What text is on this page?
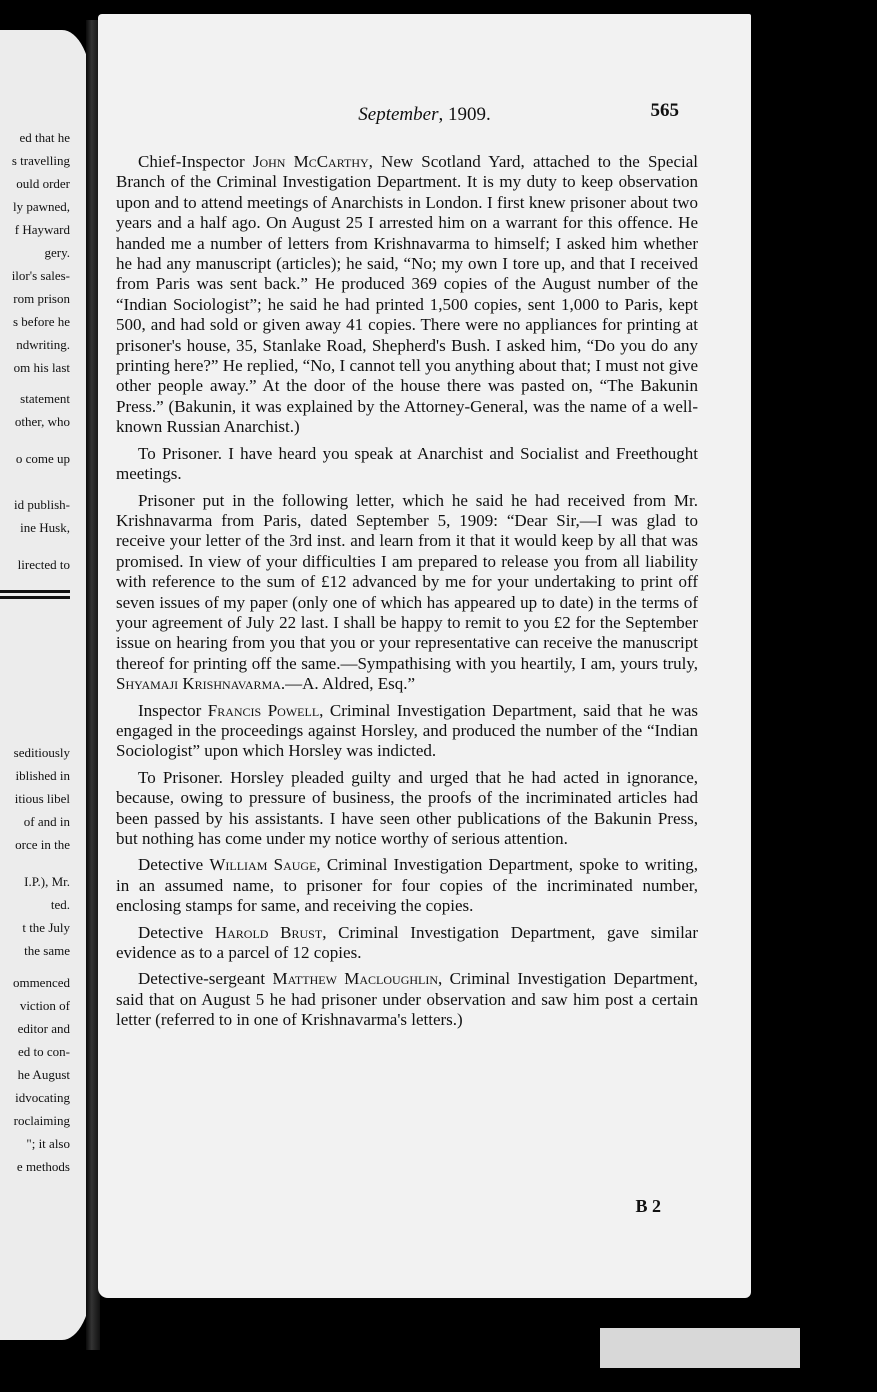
ed that he
s travelling
ould order
ly pawned,
f Hayward
gery.
ilor's sales-
rom prison
s before he
ndwriting.
om his last
statement
other, who
o come up
id publish-
ine Husk,
lirected to
seditiously
iblished in
itious libel
of and in
orce in the
I.P.), Mr.
ted.
t the July
the same
ommenced
viction of
editor and
ed to con-
he August
idvocating
roclaiming
"; it also
e methods
September, 1909.	565

Chief-Inspector John McCarthy, New Scotland Yard, attached to the Special Branch of the Criminal Investigation Department. It is my duty to keep observation upon and to attend meetings of Anarchists in London. I first knew prisoner about two years and a half ago. On August 25 I arrested him on a warrant for this offence. He handed me a number of letters from Krishnavarma to himself; I asked him whether he had any manuscript (articles); he said, “No; my own I tore up, and that I received from Paris was sent back.” He produced 369 copies of the August number of the “Indian Sociologist”; he said he had printed 1,500 copies, sent 1,000 to Paris, kept 500, and had sold or given away 41 copies. There were no appliances for printing at prisoner's house, 35, Stanlake Road, Shepherd's Bush. I asked him, “Do you do any printing here?” He replied, “No, I cannot tell you anything about that; I must not give other people away.” At the door of the house there was pasted on, “The Bakunin Press.” (Bakunin, it was explained by the Attorney-General, was the name of a well-known Russian Anarchist.)

To Prisoner. I have heard you speak at Anarchist and Socialist and Freethought meetings.

Prisoner put in the following letter, which he said he had received from Mr. Krishnavarma from Paris, dated September 5, 1909: “Dear Sir,—I was glad to receive your letter of the 3rd inst. and learn from it that it would keep by all that was promised. In view of your difficulties I am prepared to release you from all liability with reference to the sum of £12 advanced by me for your undertaking to print off seven issues of my paper (only one of which has appeared up to date) in the terms of your agreement of July 22 last. I shall be happy to remit to you £2 for the September issue on hearing from you that you or your representative can receive the manuscript thereof for printing off the same.—Sympathising with you heartily, I am, yours truly, Shyamaji Krishnavarma.—A. Aldred, Esq.”

Inspector Francis Powell, Criminal Investigation Department, said that he was engaged in the proceedings against Horsley, and produced the number of the “Indian Sociologist” upon which Horsley was indicted.

To Prisoner. Horsley pleaded guilty and urged that he had acted in ignorance, because, owing to pressure of business, the proofs of the incriminated articles had been passed by his assistants. I have seen other publications of the Bakunin Press, but nothing has come under my notice worthy of serious attention.

Detective William Sauge, Criminal Investigation Department, spoke to writing, in an assumed name, to prisoner for four copies of the incriminated number, enclosing stamps for same, and receiving the copies.

Detective Harold Brust, Criminal Investigation Department, gave similar evidence as to a parcel of 12 copies.

Detective-sergeant Matthew Macloughlin, Criminal Investigation Department, said that on August 5 he had prisoner under observation and saw him post a certain letter (referred to in one of Krishnavarma's letters.)

B 2
